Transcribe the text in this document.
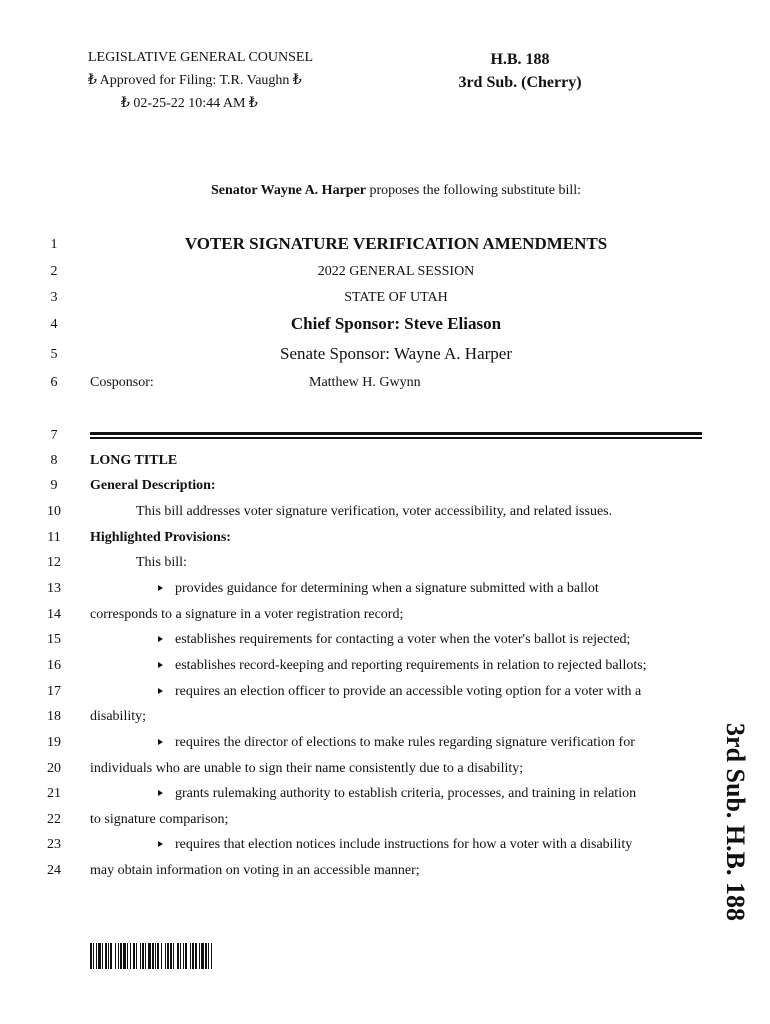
LEGISLATIVE GENERAL COUNSEL
₺ Approved for Filing: T.R. Vaughn ₺
₺ 02-25-22 10:44 AM ₺
H.B. 188
3rd Sub. (Cherry)
Senator Wayne A. Harper proposes the following substitute bill:
1
2
3
4
5
6
7
8
9
10
11
12
13
14
15
16
17
18
19
20
21
22
23
24
VOTER SIGNATURE VERIFICATION AMENDMENTS
2022 GENERAL SESSION
STATE OF UTAH
Chief Sponsor: Steve Eliason
Senate Sponsor: Wayne A. Harper
Cosponsor:	Matthew H. Gwynn
LONG TITLE
General Description:
This bill addresses voter signature verification, voter accessibility, and related issues.
Highlighted Provisions:
This bill:
provides guidance for determining when a signature submitted with a ballot
corresponds to a signature in a voter registration record;
establishes requirements for contacting a voter when the voter's ballot is rejected;
establishes record-keeping and reporting requirements in relation to rejected ballots;
requires an election officer to provide an accessible voting option for a voter with a
disability;
requires the director of elections to make rules regarding signature verification for
individuals who are unable to sign their name consistently due to a disability;
grants rulemaking authority to establish criteria, processes, and training in relation
to signature comparison;
requires that election notices include instructions for how a voter with a disability
may obtain information on voting in an accessible manner;	3rd Sub. H.B. 188
